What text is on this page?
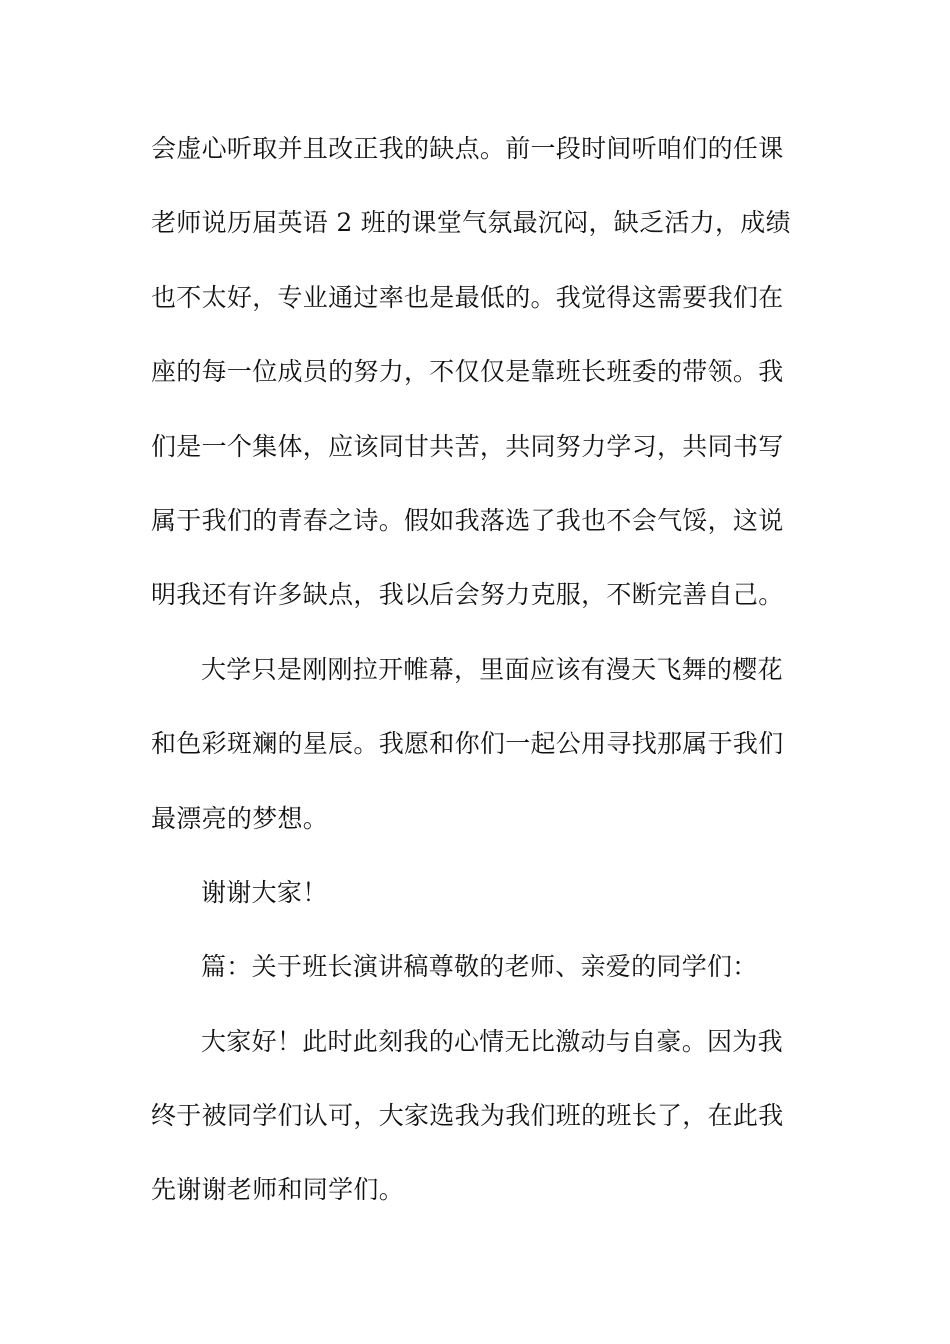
会虚心听取并且改正我的缺点。前一段时间听咱们的任课
老师说历届英语 2 班的课堂气氛最沉闷，缺乏活力，成绩
也不太好，专业通过率也是最低的。我觉得这需要我们在
座的每一位成员的努力，不仅仅是靠班长班委的带领。我
们是一个集体，应该同甘共苦，共同努力学习，共同书写
属于我们的青春之诗。假如我落选了我也不会气馁，这说
明我还有许多缺点，我以后会努力克服，不断完善自己。
大学只是刚刚拉开帷幕，里面应该有漫天飞舞的樱花
和色彩斑斓的星辰。我愿和你们一起公用寻找那属于我们
最漂亮的梦想。
谢谢大家！
篇：关于班长演讲稿尊敬的老师、亲爱的同学们：
大家好！此时此刻我的心情无比激动与自豪。因为我
终于被同学们认可，大家选我为我们班的班长了，在此我
先谢谢老师和同学们。
